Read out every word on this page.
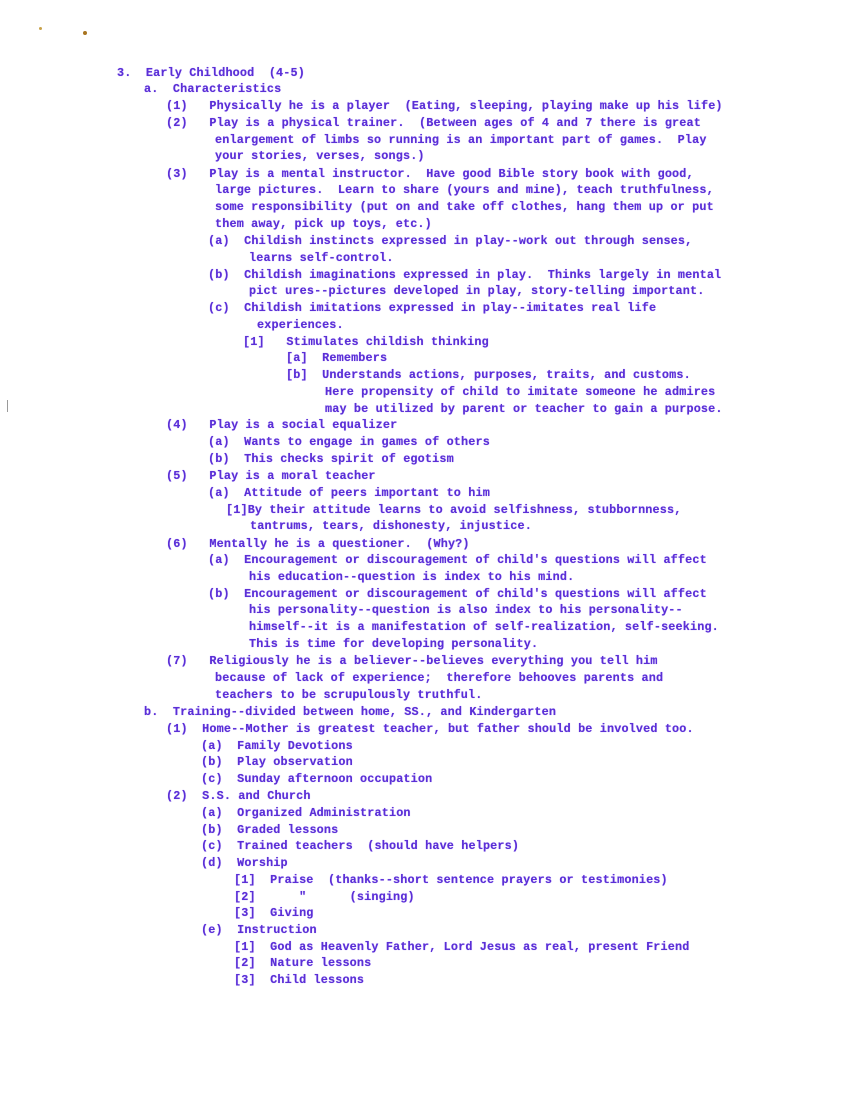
3.  Early Childhood  (4-5)
a.  Characteristics
(1)   Physically he is a player  (Eating, sleeping, playing make up his life)
(2)   Play is a physical trainer.  (Between ages of 4 and 7 there is great
enlargement of limbs so running is an important part of games.  Play
your stories, verses, songs.)
(3)   Play is a mental instructor.  Have good Bible story book with good,
large pictures.  Learn to share (yours and mine), teach truthfulness,
some responsibility (put on and take off clothes, hang them up or put
them away, pick up toys, etc.)
(a)  Childish instincts expressed in play--work out through senses,
learns self-control.
(b)  Childish imaginations expressed in play.  Thinks largely in mental
pict ures--pictures developed in play, story-telling important.
(c)  Childish imitations expressed in play--imitates real life
experiences.
[1]   Stimulates childish thinking
[a]  Remembers
[b]  Understands actions, purposes, traits, and customs.
Here propensity of child to imitate someone he admires
may be utilized by parent or teacher to gain a purpose.
(4)   Play is a social equalizer
(a)  Wants to engage in games of others
(b)  This checks spirit of egotism
(5)   Play is a moral teacher
(a)  Attitude of peers important to him
[1]By their attitude learns to avoid selfishness, stubbornness,
tantrums, tears, dishonesty, injustice.
(6)   Mentally he is a questioner.  (Why?)
(a)  Encouragement or discouragement of child's questions will affect
his education--question is index to his mind.
(b)  Encouragement or discouragement of child's questions will affect
his personality--question is also index to his personality--
himself--it is a manifestation of self-realization, self-seeking.
This is time for developing personality.
(7)   Religiously he is a believer--believes everything you tell him
because of lack of experience;  therefore behooves parents and
teachers to be scrupulously truthful.
b.  Training--divided between home, SS., and Kindergarten
(1)  Home--Mother is greatest teacher, but father should be involved too.
(a)  Family Devotions
(b)  Play observation
(c)  Sunday afternoon occupation
(2)  S.S. and Church
(a)  Organized Administration
(b)  Graded lessons
(c)  Trained teachers  (should have helpers)
(d)  Worship
[1]  Praise  (thanks--short sentence prayers or testimonies)
[2]      "      (singing)
[3]  Giving
(e)  Instruction
[1]  God as Heavenly Father, Lord Jesus as real, present Friend
[2]  Nature lessons
[3]  Child lessons
